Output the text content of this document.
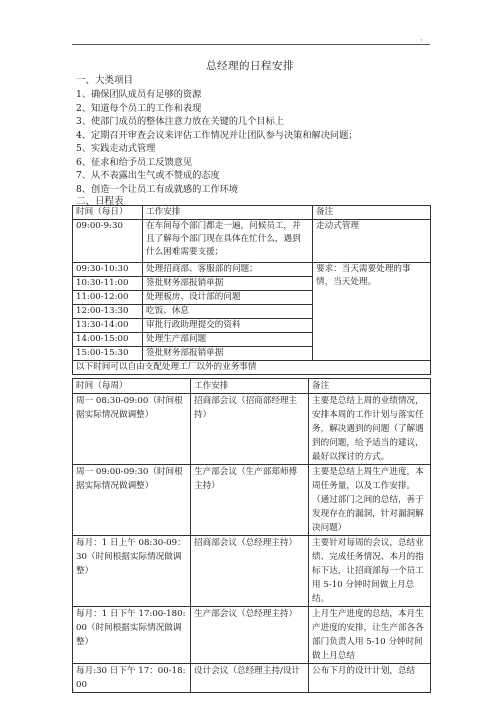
·
总经理的日程安排
一、大类项目
1、确保团队成员有足够的资源
2、知道每个员工的工作和表现
3、使部门成员的整体注意力放在关键的几个目标上
4、定期召开审查会议来评估工作情况并让团队参与决策和解决问题；
5、实践走动式管理
6、征求和给予员工反馈意见
7、从不表露出生气或不赞成的态度
8、创造一个让员工有成就感的工作环境
二、日程表
时间（每日）	工作安排	备注
09:00-9:30	在车间每个部门都走一遍，问候员工，并且了解每个部门现在具体在忙什么，遇到什么困难需要支援；	走动式管理
09:30-10:30	处理招商部、客服部的问题；	要求：当天需要处理的事情，当天处理。
10:30-11:00	签批财务部报销单据	
11:00-12:00	处理板房、设计部的问题	
12:00-13:30	吃饭、休息	
13:30-14:00	审批行政助理提交的资料	
14:00-15:00	处理生产部问题	
15:00-15:30	签批财务部报销单据	
以下时间可以自由支配处理工厂以外的业务事情		
时间（每周）	工作安排	备注
周一 08:30-09:00（时间根据实际情况做调整）	招商部会议（招商部经理主持）	主要是总结上周的业绩情况，安排本周的工作计划与落实任务，解决遇到的问题（了解遇到的问题，给予适当的建议，最好以探讨的方式。
周一 09:00-09:30（时间根据实际情况做调整）	生产部会议（生产部郑师傅主持）	主要是总结上周生产进度，本周任务量，以及工作安排。（通过部门之间的总结，善于发现存在的漏洞，针对漏洞解决问题）
每月：1 日上午 08:30-09：30（时间根据实际情况做调整）	招商部会议（总经理主持）	主要针对每周的会议，总结业绩、完成任务情况、本月的指标下达，让招商部每一个员工用 5-10 分钟时间做上月总结。
每月：1 日下午 17:00-180:00（时间根据实际情况做调整）	生产部会议（总经理主持）	上月生产进度的总结，本月生产进度的安排，让生产部各各部门负责人用 5-10 分钟时间做上月总结
每月:30 日下午 17：00-18:00	设计会议（总经理主持/设计	公布下月的设计计划，总结
·
